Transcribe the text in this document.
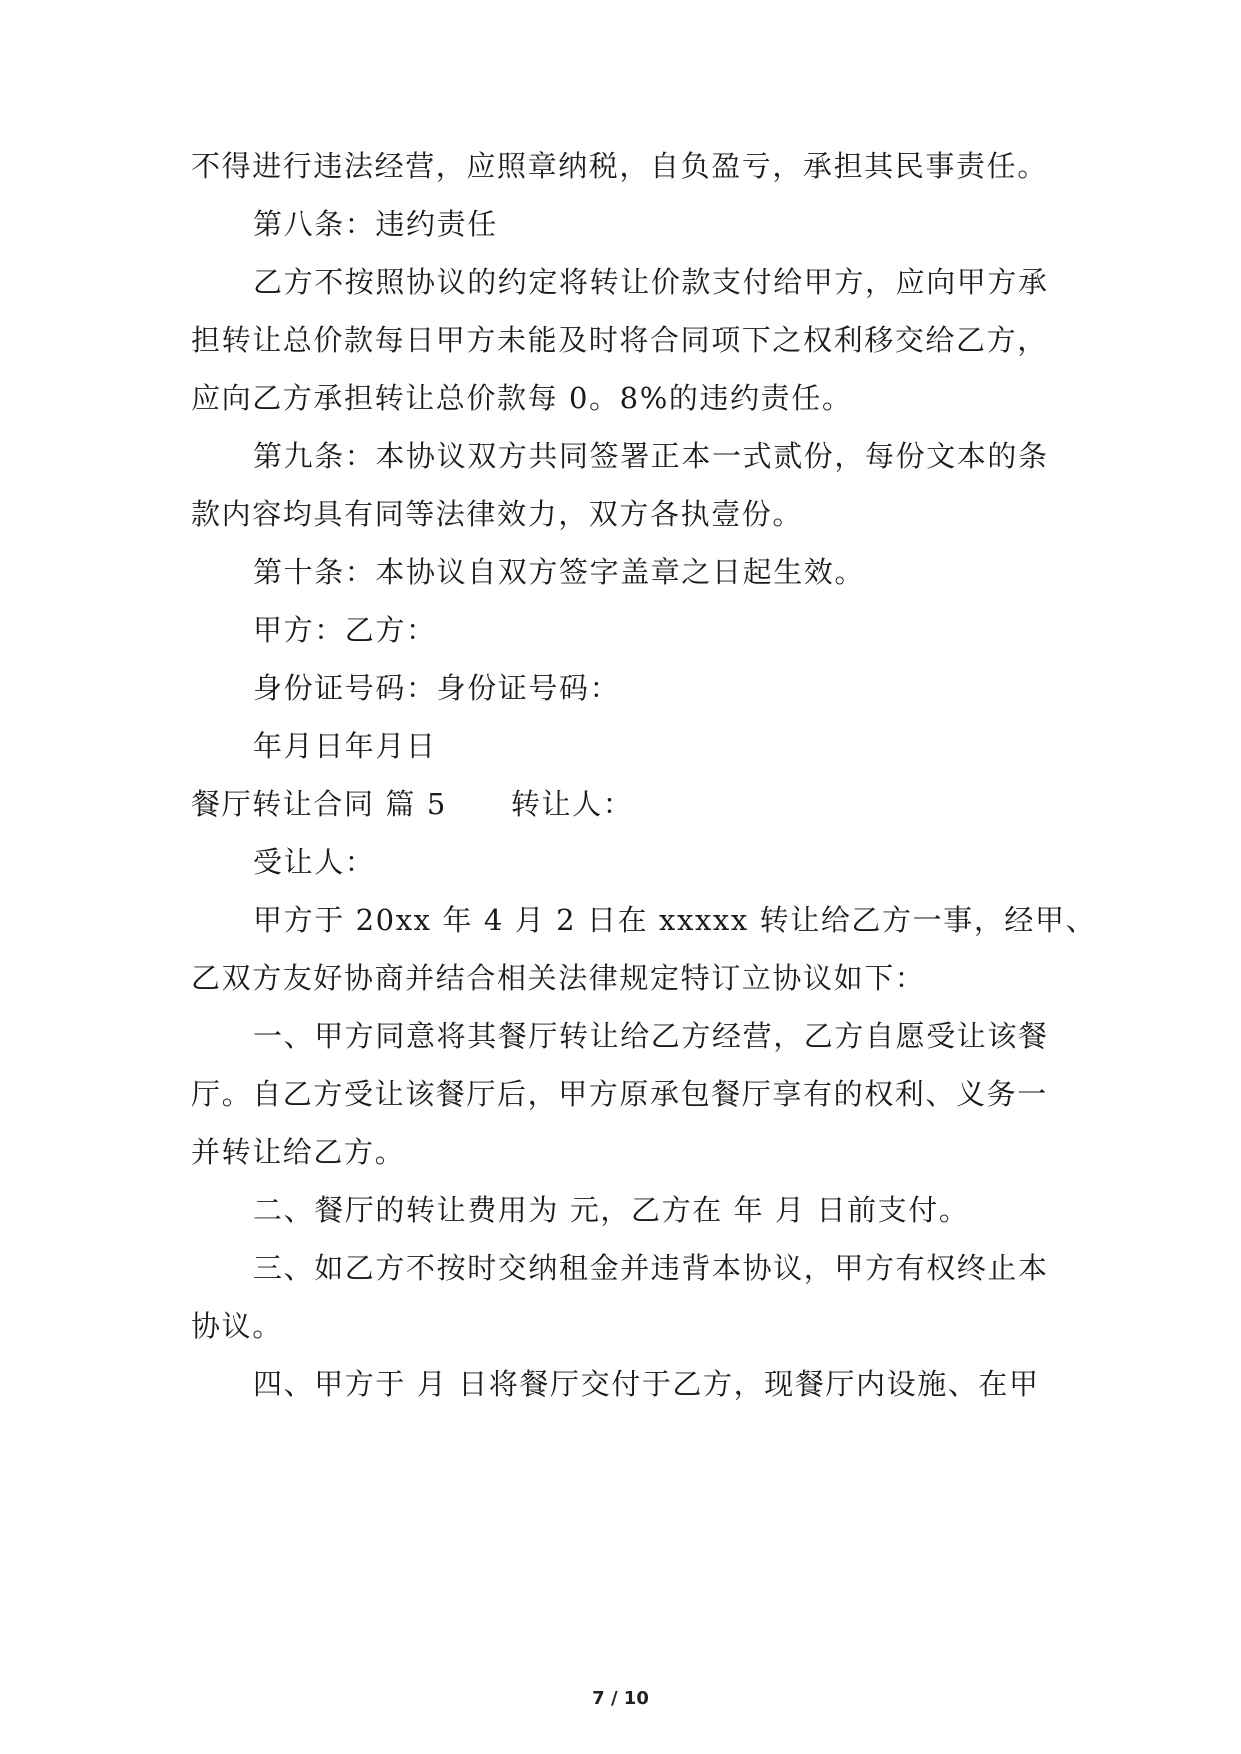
不得进行违法经营，应照章纳税，自负盈亏，承担其民事责任。
第八条：违约责任
乙方不按照协议的约定将转让价款支付给甲方，应向甲方承
担转让总价款每日甲方未能及时将合同项下之权利移交给乙方，
应向乙方承担转让总价款每 0。8%的违约责任。
第九条：本协议双方共同签署正本一式贰份，每份文本的条
款内容均具有同等法律效力，双方各执壹份。
第十条：本协议自双方签字盖章之日起生效。
甲方：乙方：
身份证号码：身份证号码：
年月日年月日
餐厅转让合同 篇 5 转让人：
受让人：
甲方于 20xx 年 4 月 2 日在 xxxxx 转让给乙方一事，经甲、
乙双方友好协商并结合相关法律规定特订立协议如下：
一、甲方同意将其餐厅转让给乙方经营，乙方自愿受让该餐
厅。自乙方受让该餐厅后，甲方原承包餐厅享有的权利、义务一
并转让给乙方。
二、餐厅的转让费用为 元，乙方在 年 月 日前支付。
三、如乙方不按时交纳租金并违背本协议，甲方有权终止本
协议。
四、甲方于 月 日将餐厅交付于乙方，现餐厅内设施、在甲
7 / 10
